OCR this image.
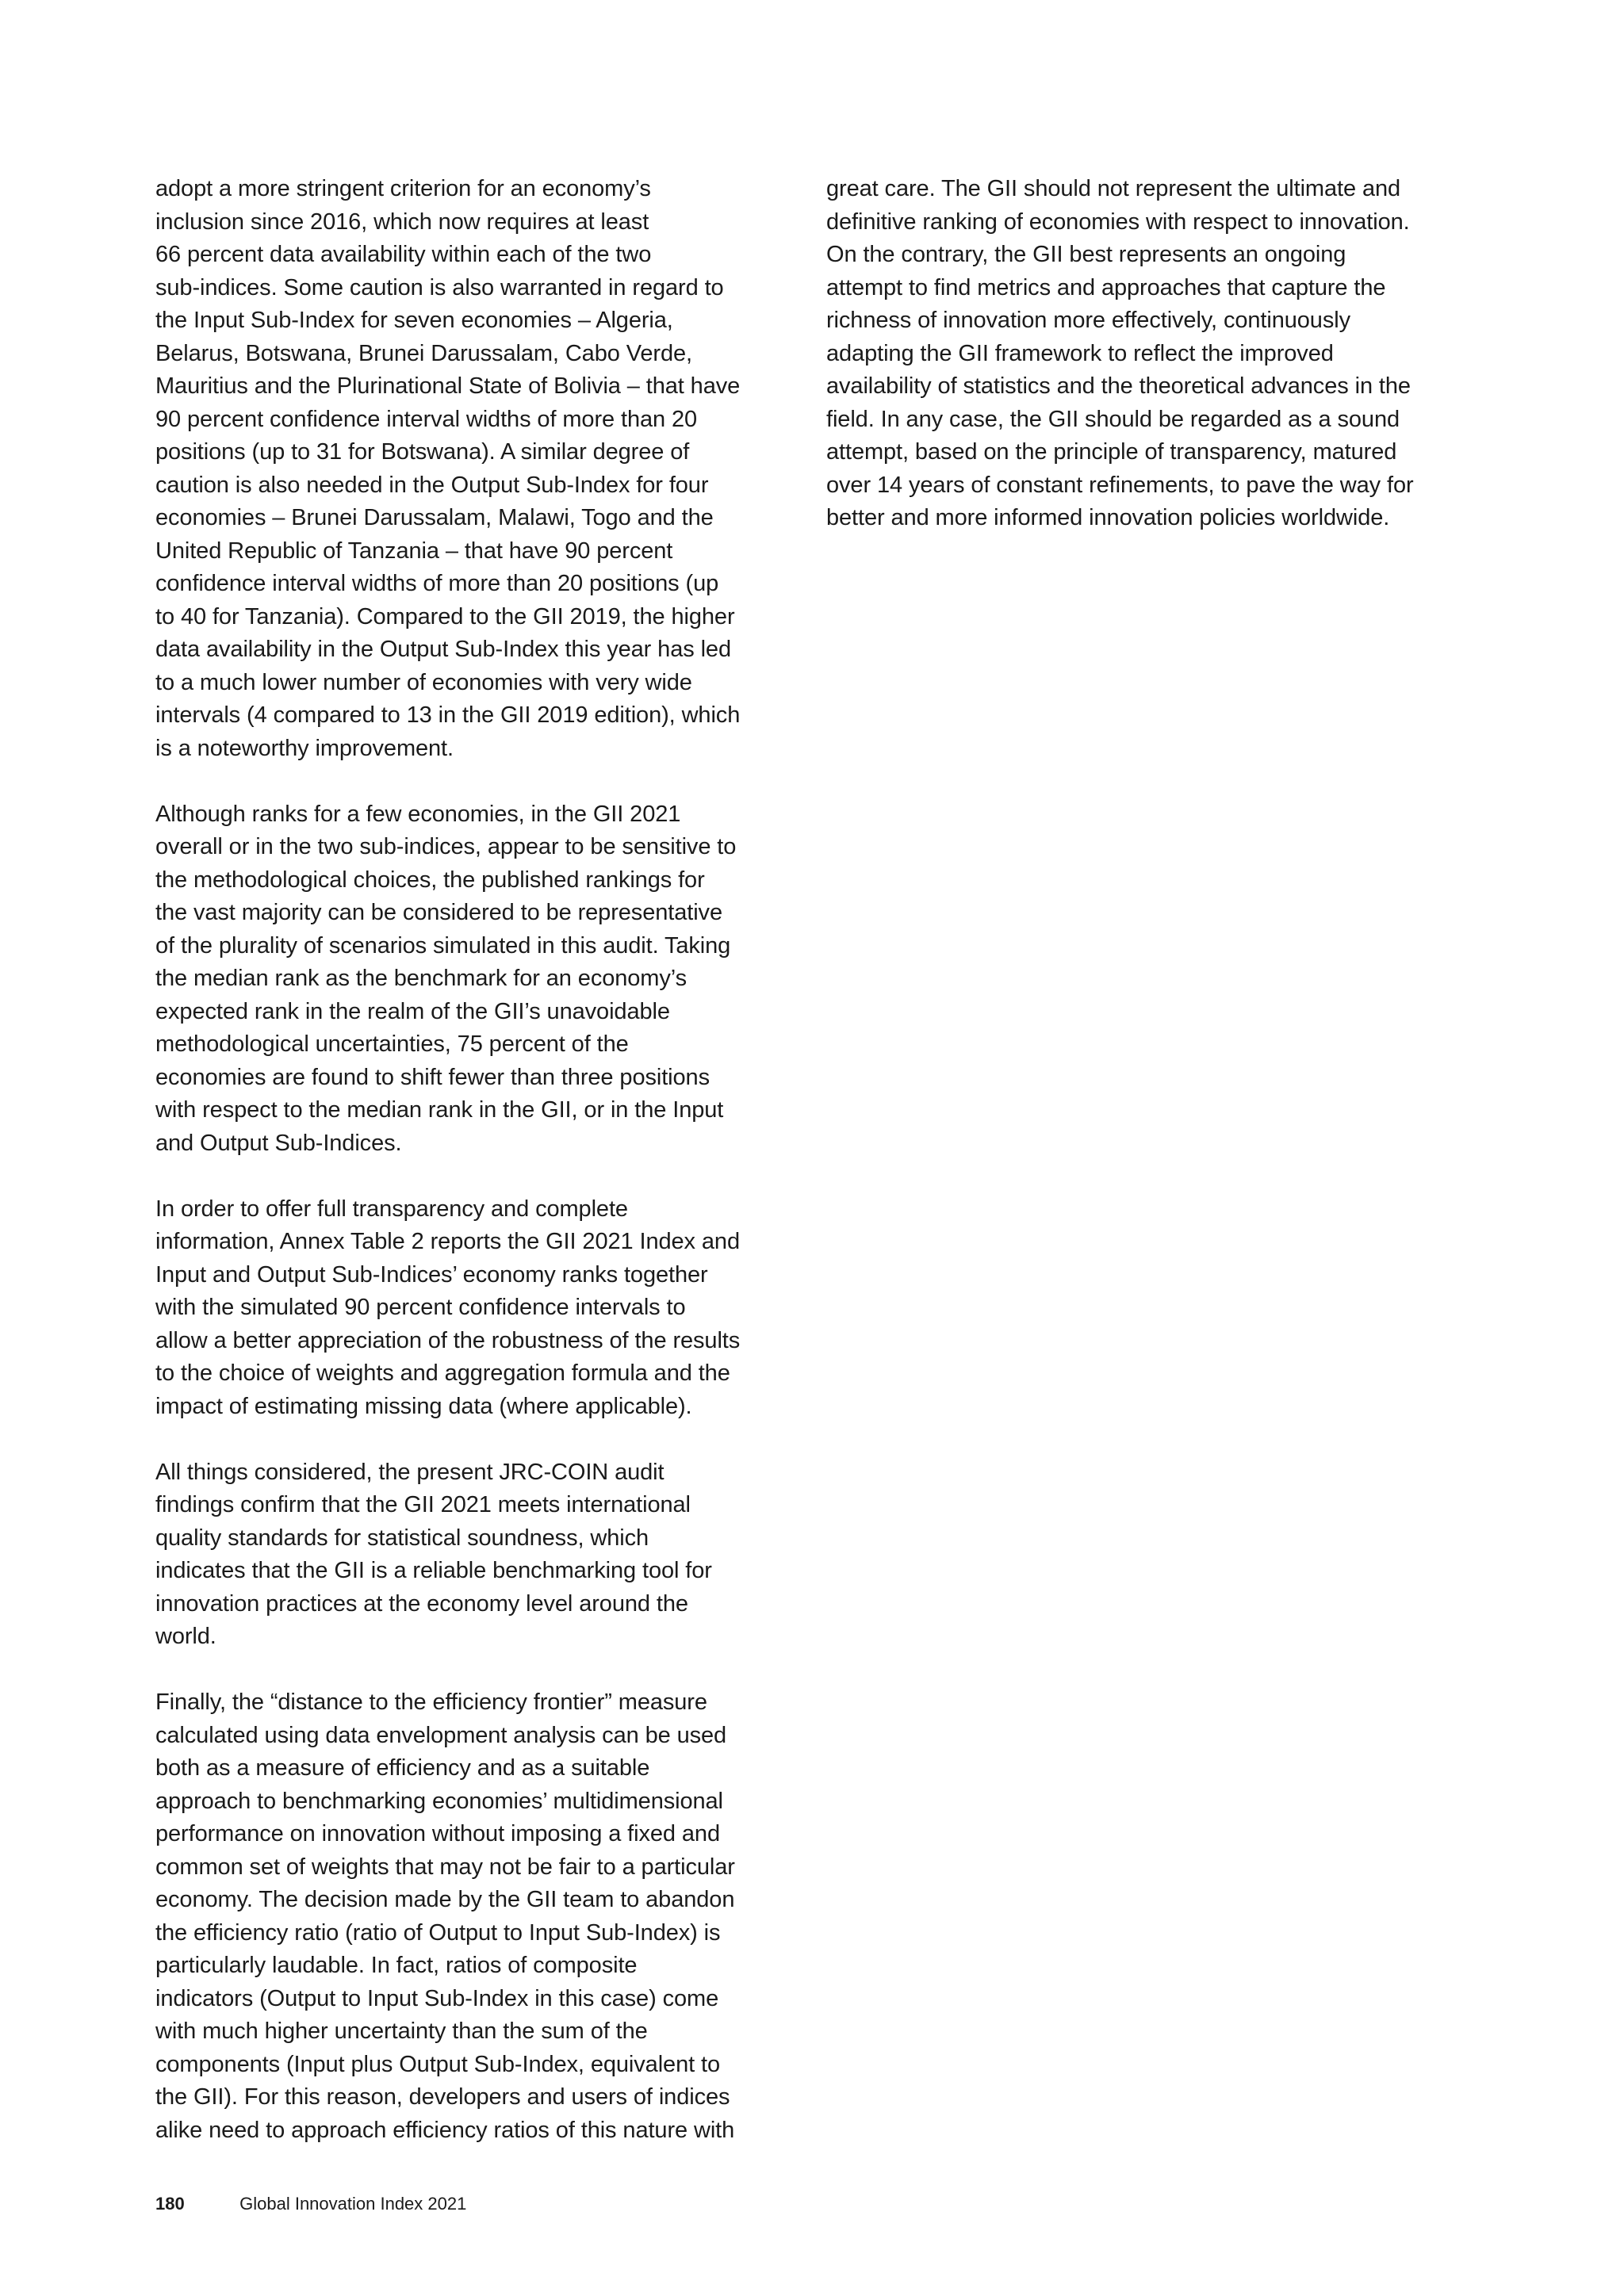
adopt a more stringent criterion for an economy’s
inclusion since 2016, which now requires at least
66 percent data availability within each of the two
sub-indices. Some caution is also warranted in regard to
the Input Sub-Index for seven economies – Algeria,
Belarus, Botswana, Brunei Darussalam, Cabo Verde,
Mauritius and the Plurinational State of Bolivia – that have
90 percent confidence interval widths of more than 20
positions (up to 31 for Botswana). A similar degree of
caution is also needed in the Output Sub-Index for four
economies – Brunei Darussalam, Malawi, Togo and the
United Republic of Tanzania – that have 90 percent
confidence interval widths of more than 20 positions (up
to 40 for Tanzania). Compared to the GII 2019, the higher
data availability in the Output Sub-Index this year has led
to a much lower number of economies with very wide
intervals (4 compared to 13 in the GII 2019 edition), which
is a noteworthy improvement.

Although ranks for a few economies, in the GII 2021
overall or in the two sub-indices, appear to be sensitive to
the methodological choices, the published rankings for
the vast majority can be considered to be representative
of the plurality of scenarios simulated in this audit. Taking
the median rank as the benchmark for an economy’s
expected rank in the realm of the GII’s unavoidable
methodological uncertainties, 75 percent of the
economies are found to shift fewer than three positions
with respect to the median rank in the GII, or in the Input
and Output Sub-Indices.

In order to offer full transparency and complete
information, Annex Table 2 reports the GII 2021 Index and
Input and Output Sub-Indices’ economy ranks together
with the simulated 90 percent confidence intervals to
allow a better appreciation of the robustness of the results
to the choice of weights and aggregation formula and the
impact of estimating missing data (where applicable).

All things considered, the present JRC-COIN audit
findings confirm that the GII 2021 meets international
quality standards for statistical soundness, which
indicates that the GII is a reliable benchmarking tool for
innovation practices at the economy level around the
world.

Finally, the “distance to the efficiency frontier” measure
calculated using data envelopment analysis can be used
both as a measure of efficiency and as a suitable
approach to benchmarking economies’ multidimensional
performance on innovation without imposing a fixed and
common set of weights that may not be fair to a particular
economy. The decision made by the GII team to abandon
the efficiency ratio (ratio of Output to Input Sub-Index) is
particularly laudable. In fact, ratios of composite
indicators (Output to Input Sub-Index in this case) come
with much higher uncertainty than the sum of the
components (Input plus Output Sub-Index, equivalent to
the GII). For this reason, developers and users of indices
alike need to approach efficiency ratios of this nature with

great care. The GII should not represent the ultimate and
definitive ranking of economies with respect to innovation.
On the contrary, the GII best represents an ongoing
attempt to find metrics and approaches that capture the
richness of innovation more effectively, continuously
adapting the GII framework to reflect the improved
availability of statistics and the theoretical advances in the
field. In any case, the GII should be regarded as a sound
attempt, based on the principle of transparency, matured
over 14 years of constant refinements, to pave the way for
better and more informed innovation policies worldwide.

180	Global Innovation Index 2021
